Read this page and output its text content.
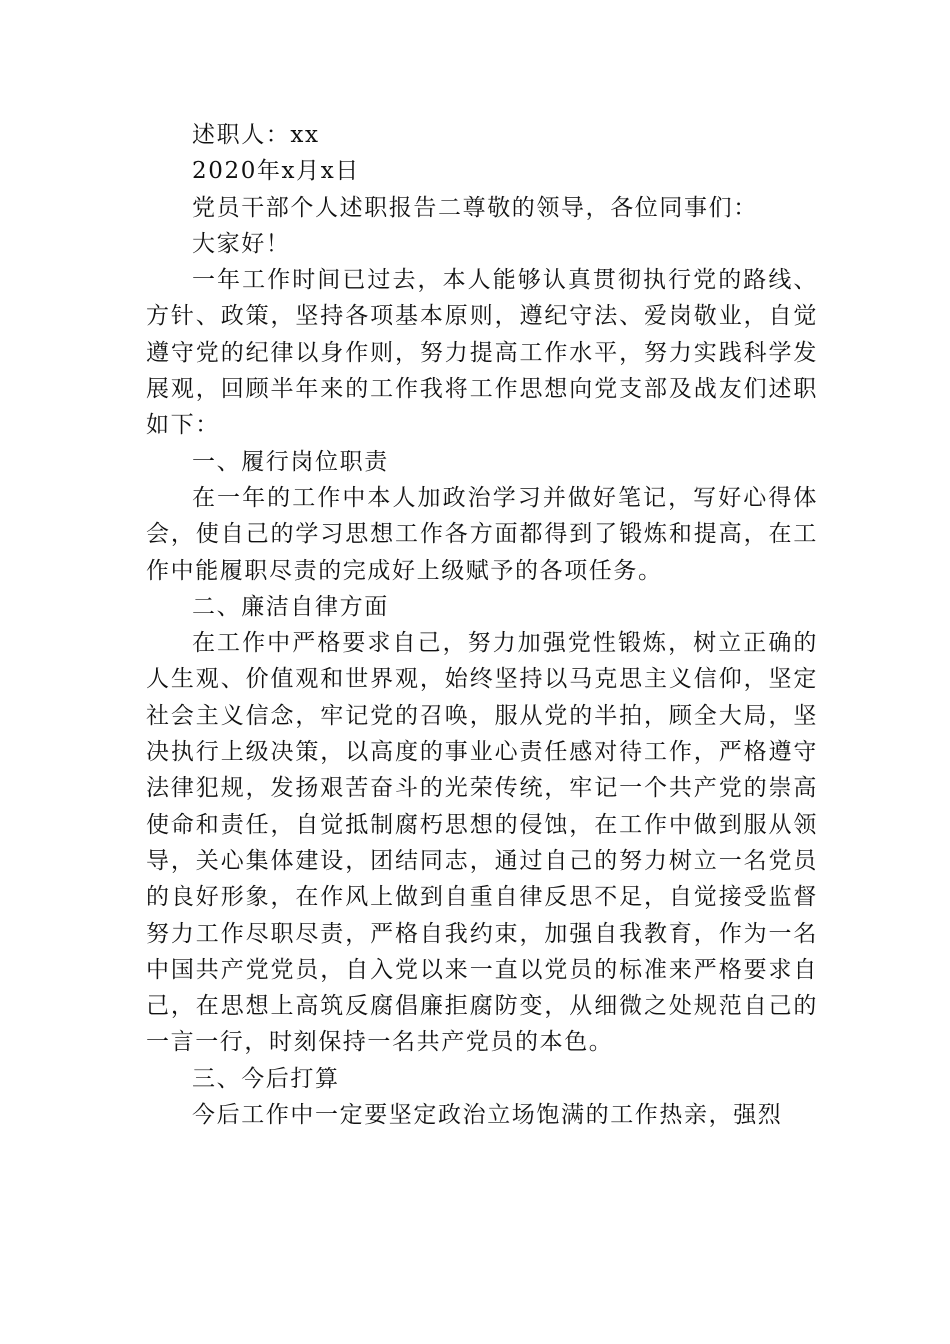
述职人：xx

2020年x月x日

党员干部个人述职报告二尊敬的领导，各位同事们：

大家好！

一年工作时间已过去，本人能够认真贯彻执行党的路线、方针、政策，坚持各项基本原则，遵纪守法、爱岗敬业，自觉遵守党的纪律以身作则，努力提高工作水平，努力实践科学发展观，回顾半年来的工作我将工作思想向党支部及战友们述职如下：

一、履行岗位职责

在一年的工作中本人加政治学习并做好笔记，写好心得体会，使自己的学习思想工作各方面都得到了锻炼和提高，在工作中能履职尽责的完成好上级赋予的各项任务。

二、廉洁自律方面

在工作中严格要求自己，努力加强党性锻炼，树立正确的人生观、价值观和世界观，始终坚持以马克思主义信仰，坚定社会主义信念，牢记党的召唤，服从党的半拍，顾全大局，坚决执行上级决策，以高度的事业心责任感对待工作，严格遵守法律犯规，发扬艰苦奋斗的光荣传统，牢记一个共产党的崇高使命和责任，自觉抵制腐朽思想的侵蚀，在工作中做到服从领导，关心集体建设，团结同志，通过自己的努力树立一名党员的良好形象，在作风上做到自重自律反思不足，自觉接受监督努力工作尽职尽责，严格自我约束，加强自我教育，作为一名中国共产党党员，自入党以来一直以党员的标准来严格要求自己，在思想上高筑反腐倡廉拒腐防变，从细微之处规范自己的一言一行，时刻保持一名共产党员的本色。

三、今后打算

今后工作中一定要坚定政治立场饱满的工作热亲，强烈
